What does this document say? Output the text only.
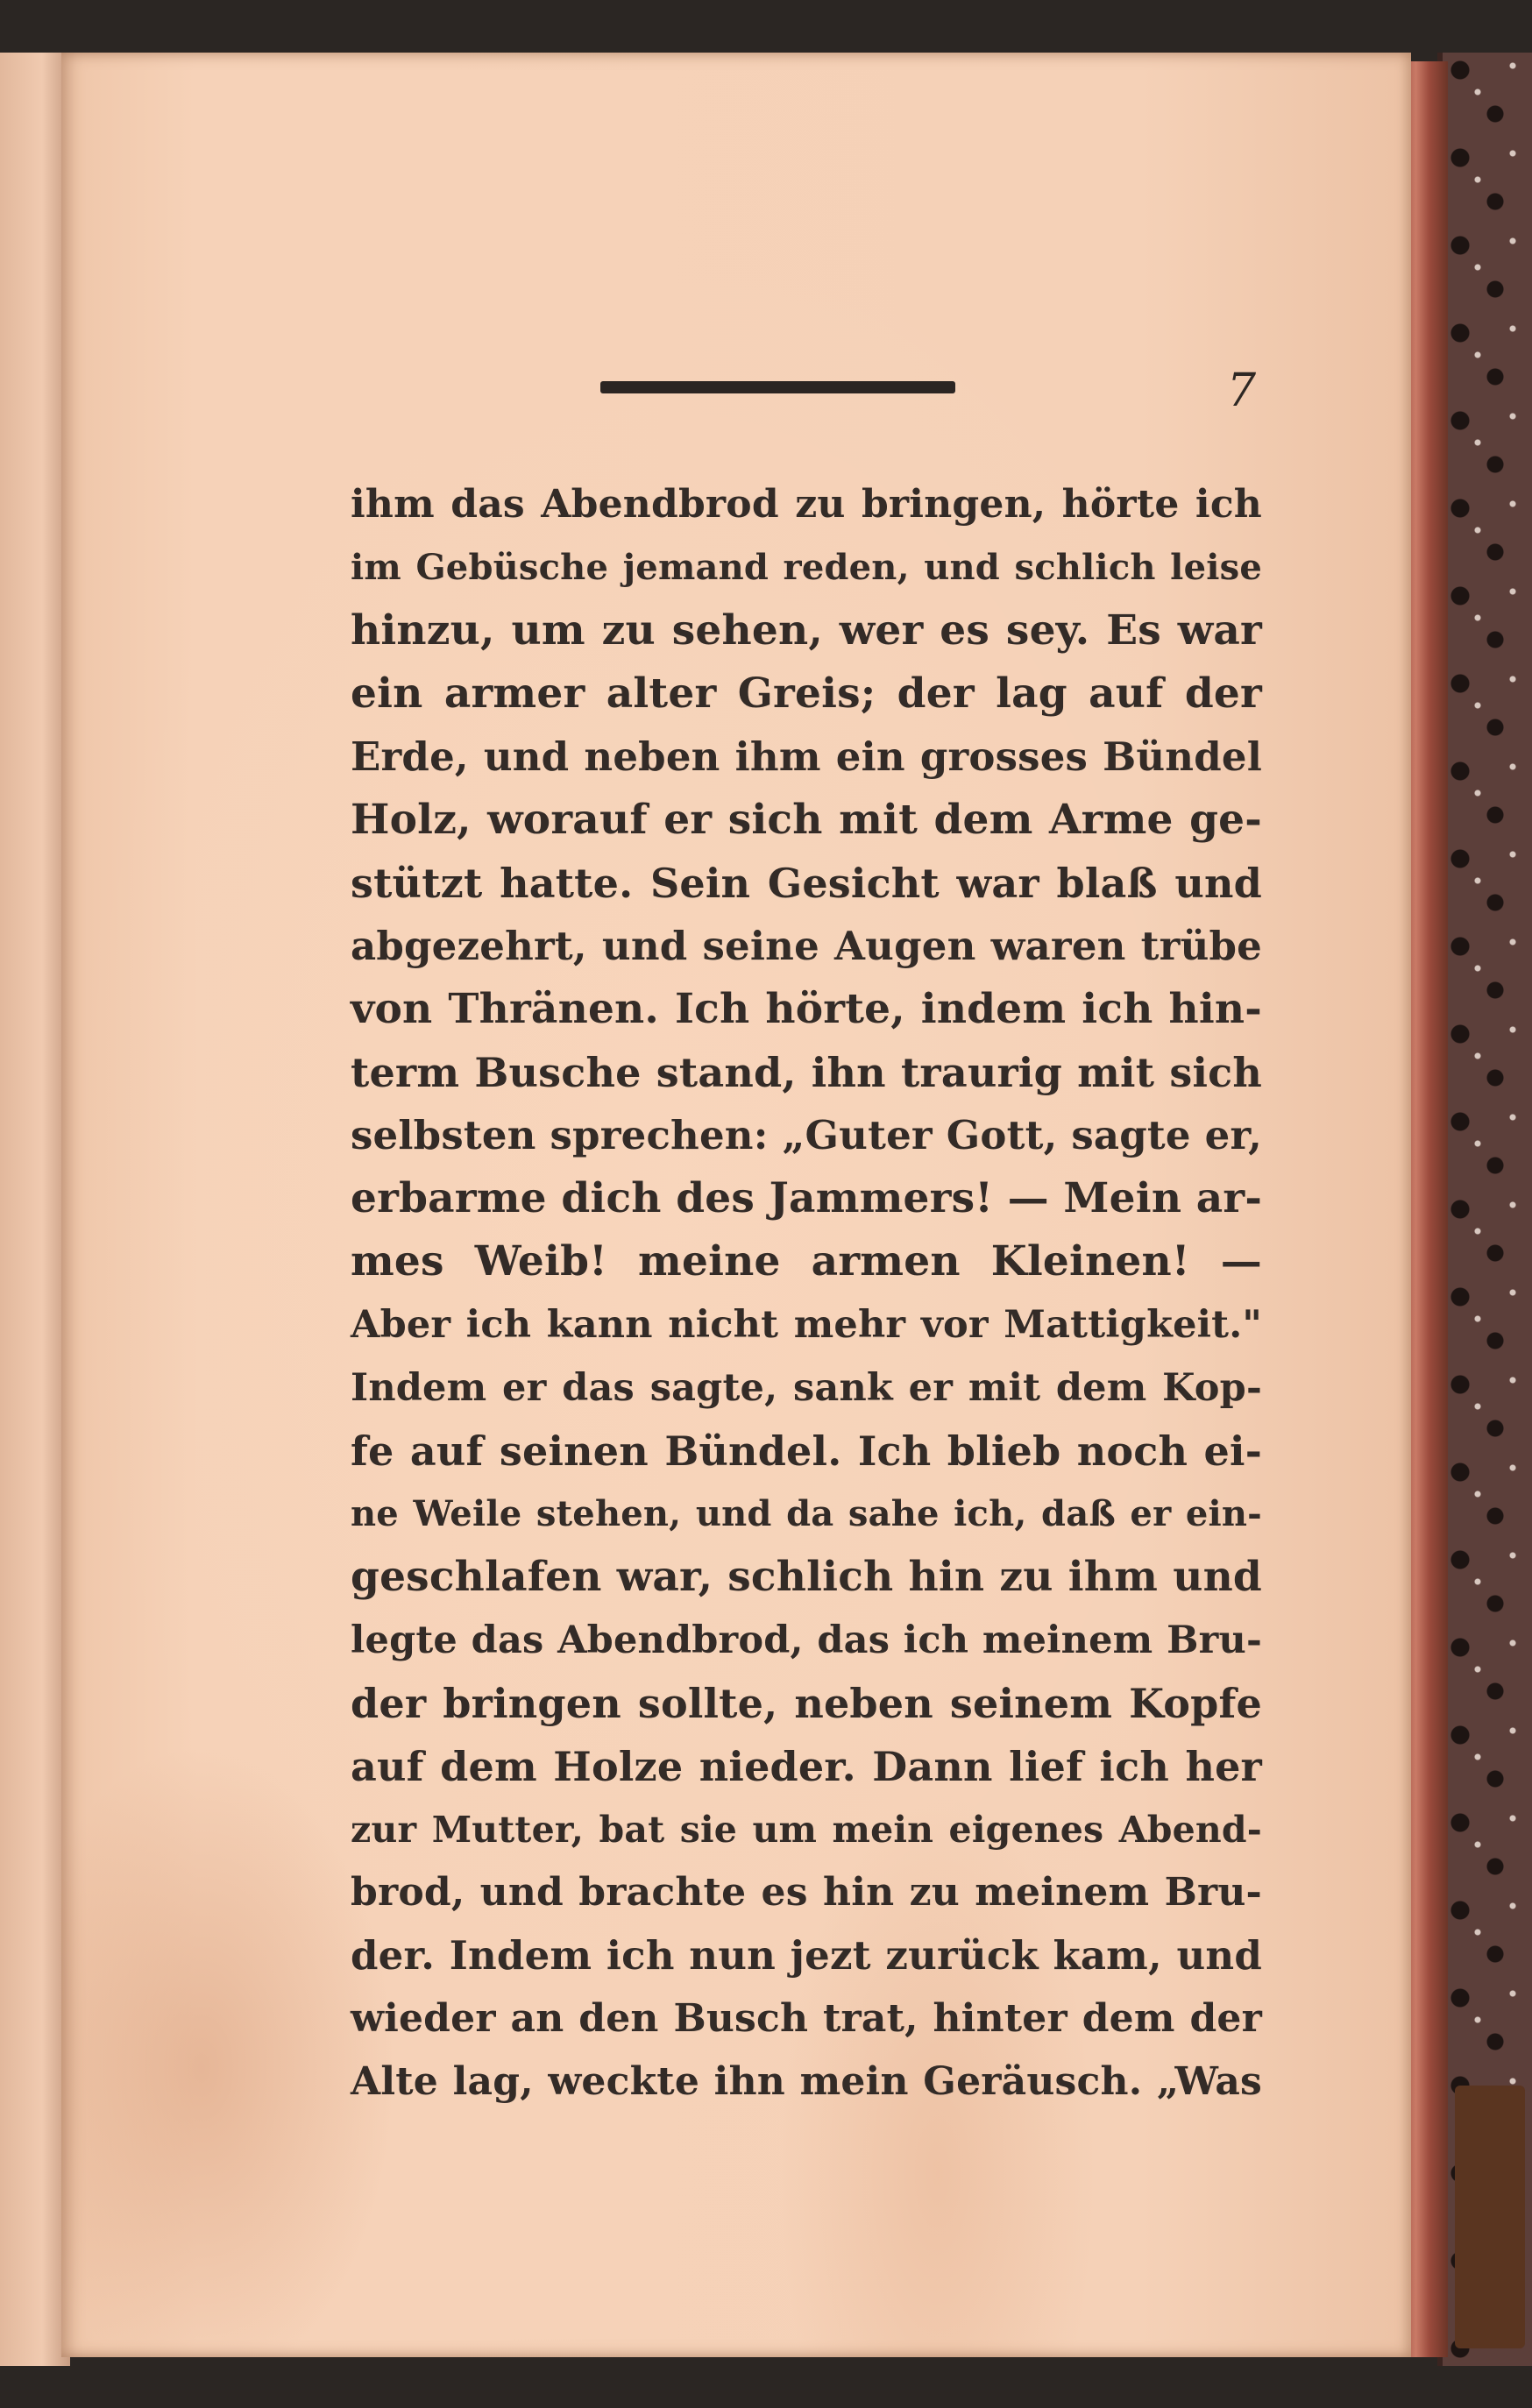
7
ihm das Abendbrod zu bringen, hörte ich
im Gebüsche jemand reden, und schlich leise
hinzu, um zu sehen, wer es sey. Es war
ein armer alter Greis; der lag auf der
Erde, und neben ihm ein grosses Bündel
Holz, worauf er sich mit dem Arme ge-
stützt hatte. Sein Gesicht war blaß und
abgezehrt, und seine Augen waren trübe
von Thränen. Ich hörte, indem ich hin-
term Busche stand, ihn traurig mit sich
selbsten sprechen: „Guter Gott, sagte er,
erbarme dich des Jammers! — Mein ar-
mes Weib! meine armen Kleinen! —
Aber ich kann nicht mehr vor Mattigkeit."
Indem er das sagte, sank er mit dem Kop-
fe auf seinen Bündel. Ich blieb noch ei-
ne Weile stehen, und da sahe ich, daß er ein-
geschlafen war, schlich hin zu ihm und
legte das Abendbrod, das ich meinem Bru-
der bringen sollte, neben seinem Kopfe
auf dem Holze nieder. Dann lief ich her
zur Mutter, bat sie um mein eigenes Abend-
brod, und brachte es hin zu meinem Bru-
der. Indem ich nun jezt zurück kam, und
wieder an den Busch trat, hinter dem der
Alte lag, weckte ihn mein Geräusch. „Was
